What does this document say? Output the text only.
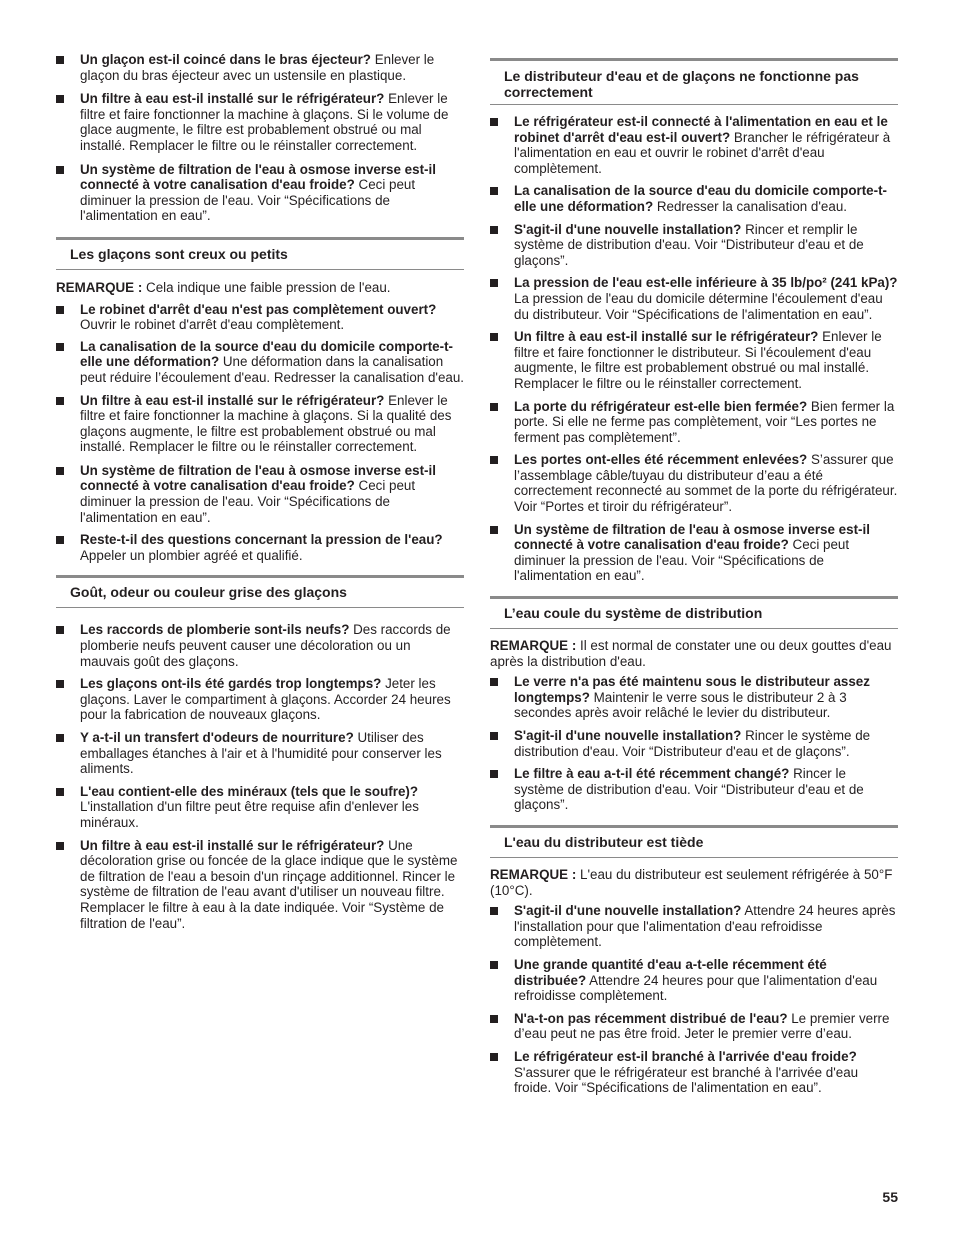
Un glaçon est-il coincé dans le bras éjecteur? Enlever le glaçon du bras éjecteur avec un ustensile en plastique.
Un filtre à eau est-il installé sur le réfrigérateur? Enlever le filtre et faire fonctionner la machine à glaçons. Si le volume de glace augmente, le filtre est probablement obstrué ou mal installé. Remplacer le filtre ou le réinstaller correctement.
Un système de filtration de l'eau à osmose inverse est-il connecté à votre canalisation d'eau froide? Ceci peut diminuer la pression de l'eau. Voir “Spécifications de l'alimentation en eau”.
Les glaçons sont creux ou petits
REMARQUE : Cela indique une faible pression de l'eau.
Le robinet d'arrêt d'eau n'est pas complètement ouvert? Ouvrir le robinet d'arrêt d'eau complètement.
La canalisation de la source d'eau du domicile comporte-t-elle une déformation? Une déformation dans la canalisation peut réduire l’écoulement d'eau. Redresser la canalisation d'eau.
Un filtre à eau est-il installé sur le réfrigérateur? Enlever le filtre et faire fonctionner la machine à glaçons. Si la qualité des glaçons augmente, le filtre est probablement obstrué ou mal installé. Remplacer le filtre ou le réinstaller correctement.
Un système de filtration de l'eau à osmose inverse est-il connecté à votre canalisation d'eau froide? Ceci peut diminuer la pression de l'eau. Voir “Spécifications de l'alimentation en eau”.
Reste-t-il des questions concernant la pression de l'eau? Appeler un plombier agréé et qualifié.
Goût, odeur ou couleur grise des glaçons
Les raccords de plomberie sont-ils neufs? Des raccords de plomberie neufs peuvent causer une décoloration ou un mauvais goût des glaçons.
Les glaçons ont-ils été gardés trop longtemps? Jeter les glaçons. Laver le compartiment à glaçons. Accorder 24 heures pour la fabrication de nouveaux glaçons.
Y a-t-il un transfert d'odeurs de nourriture? Utiliser des emballages étanches à l'air et à l'humidité pour conserver les aliments.
L'eau contient-elle des minéraux (tels que le soufre)? L'installation d'un filtre peut être requise afin d'enlever les minéraux.
Un filtre à eau est-il installé sur le réfrigérateur? Une décoloration grise ou foncée de la glace indique que le système de filtration de l'eau a besoin d'un rinçage additionnel. Rincer le système de filtration de l'eau avant d'utiliser un nouveau filtre. Remplacer le filtre à eau à la date indiquée. Voir “Système de filtration de l'eau”.
Le distributeur d'eau et de glaçons ne fonctionne pas correctement
Le réfrigérateur est-il connecté à l'alimentation en eau et le robinet d'arrêt d'eau est-il ouvert? Brancher le réfrigérateur à l'alimentation en eau et ouvrir le robinet d'arrêt d'eau complètement.
La canalisation de la source d'eau du domicile comporte-t-elle une déformation? Redresser la canalisation d'eau.
S'agit-il d'une nouvelle installation? Rincer et remplir le système de distribution d'eau. Voir “Distributeur d'eau et de glaçons”.
La pression de l'eau est-elle inférieure à 35 lb/po² (241 kPa)? La pression de l'eau du domicile détermine l'écoulement d'eau du distributeur. Voir “Spécifications de l'alimentation en eau”.
Un filtre à eau est-il installé sur le réfrigérateur? Enlever le filtre et faire fonctionner le distributeur. Si l'écoulement d'eau augmente, le filtre est probablement obstrué ou mal installé. Remplacer le filtre ou le réinstaller correctement.
La porte du réfrigérateur est-elle bien fermée? Bien fermer la porte. Si elle ne ferme pas complètement, voir “Les portes ne ferment pas complètement”.
Les portes ont-elles été récemment enlevées? S’assurer que l’assemblage câble/tuyau du distributeur d’eau a été correctement reconnecté au sommet de la porte du réfrigérateur. Voir “Portes et tiroir du réfrigérateur”.
Un système de filtration de l'eau à osmose inverse est-il connecté à votre canalisation d'eau froide? Ceci peut diminuer la pression de l'eau. Voir “Spécifications de l'alimentation en eau”.
L’eau coule du système de distribution
REMARQUE : Il est normal de constater une ou deux gouttes d'eau après la distribution d'eau.
Le verre n'a pas été maintenu sous le distributeur assez longtemps? Maintenir le verre sous le distributeur 2 à 3 secondes après avoir relâché le levier du distributeur.
S'agit-il d'une nouvelle installation? Rincer le système de distribution d'eau. Voir “Distributeur d'eau et de glaçons”.
Le filtre à eau a-t-il été récemment changé? Rincer le système de distribution d'eau. Voir “Distributeur d'eau et de glaçons”.
L'eau du distributeur est tiède
REMARQUE : L'eau du distributeur est seulement réfrigérée à 50°F (10°C).
S'agit-il d'une nouvelle installation? Attendre 24 heures après l'installation pour que l'alimentation d'eau refroidisse complètement.
Une grande quantité d'eau a-t-elle récemment été distribuée? Attendre 24 heures pour que l'alimentation d'eau refroidisse complètement.
N'a-t-on pas récemment distribué de l'eau? Le premier verre d’eau peut ne pas être froid. Jeter le premier verre d’eau.
Le réfrigérateur est-il branché à l'arrivée d'eau froide? S'assurer que le réfrigérateur est branché à l'arrivée d'eau froide. Voir “Spécifications de l'alimentation en eau”.
55
